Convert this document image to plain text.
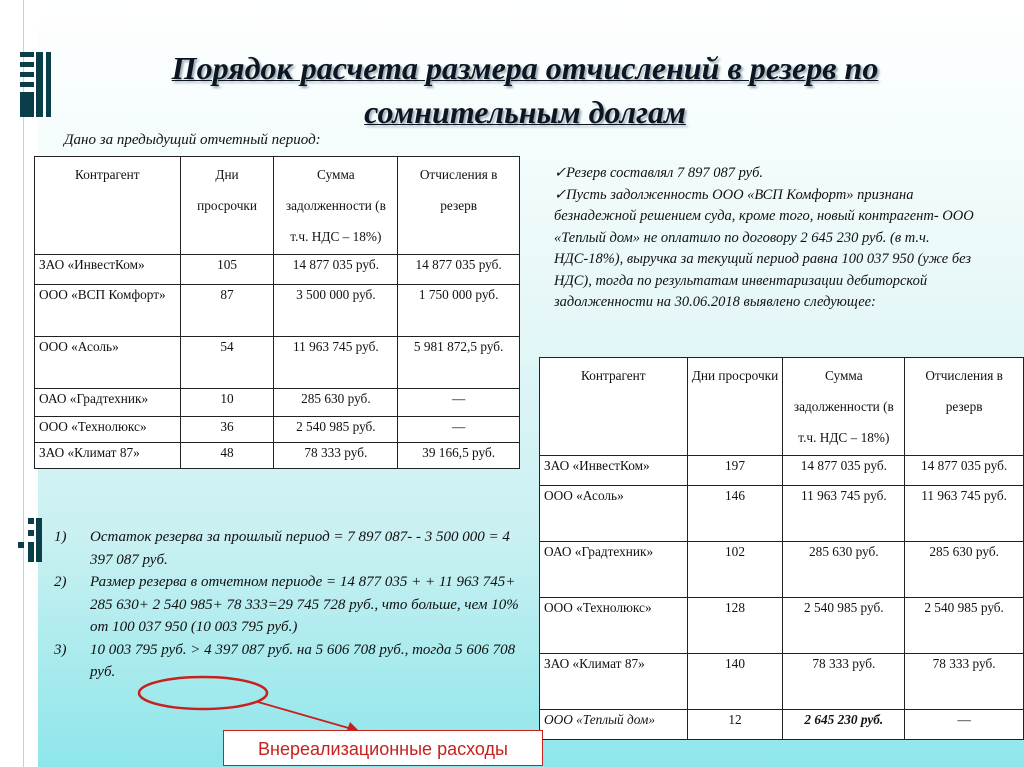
Порядок расчета размера отчислений в резерв по сомнительным долгам
Дано за предыдущий отчетный период:
Контрагент	Дни просрочки	Сумма задолженности (в т.ч. НДС – 18%)	Отчисления в резерв
ЗАО «ИнвестКом»	105	14 877 035 руб.	14 877 035 руб.
ООО «ВСП Комфорт»	87	3 500 000 руб.	1 750 000 руб.
ООО «Асоль»	54	11 963 745 руб.	5 981 872,5 руб.
ОАО «Градтехник»	10	285 630 руб.	—
ООО «Технолюкс»	36	2 540 985 руб.	—
ЗАО «Климат 87»	48	78 333 руб.	39 166,5 руб.

✓Резерв составлял 7 897 087 руб.

✓Пусть задолженность ООО «ВСП Комфорт» признана безнадежной решением суда, кроме того, новый контрагент- ООО «Теплый дом» не оплатило по договору 2 645 230 руб. (в т.ч. НДС-18%), выручка за текущий период равна 100 037 950 (уже без НДС), тогда по результатам инвентаризации дебиторской задолженности на 30.06.2018 выявлено следующее:

Контрагент	Дни просрочки	Сумма задолженности (в т.ч. НДС – 18%)	Отчисления в резерв
ЗАО «ИнвестКом»	197	14 877 035 руб.	14 877 035 руб.
ООО «Асоль»	146	11 963 745 руб.	11 963 745 руб.
ОАО «Градтехник»	102	285 630 руб.	285 630 руб.
ООО «Технолюкс»	128	2 540 985 руб.	2 540 985 руб.
ЗАО «Климат 87»	140	78 333 руб.	78 333 руб.
ООО «Теплый дом»	12	2 645 230 руб.	—
1) Остаток резерва за прошлый период = 7 897 087- - 3 500 000 = 4 397 087 руб.
2) Размер резерва в отчетном периоде = 14 877 035 + + 11 963 745+ 285 630+ 2 540 985+ 78 333=29 745 728 руб., что больше, чем 10% от 100 037 950 (10 003 795 руб.)
3) 10 003 795 руб. > 4 397 087 руб. на 5 606 708 руб., тогда 5 606 708 руб.
Внереализационные расходы
